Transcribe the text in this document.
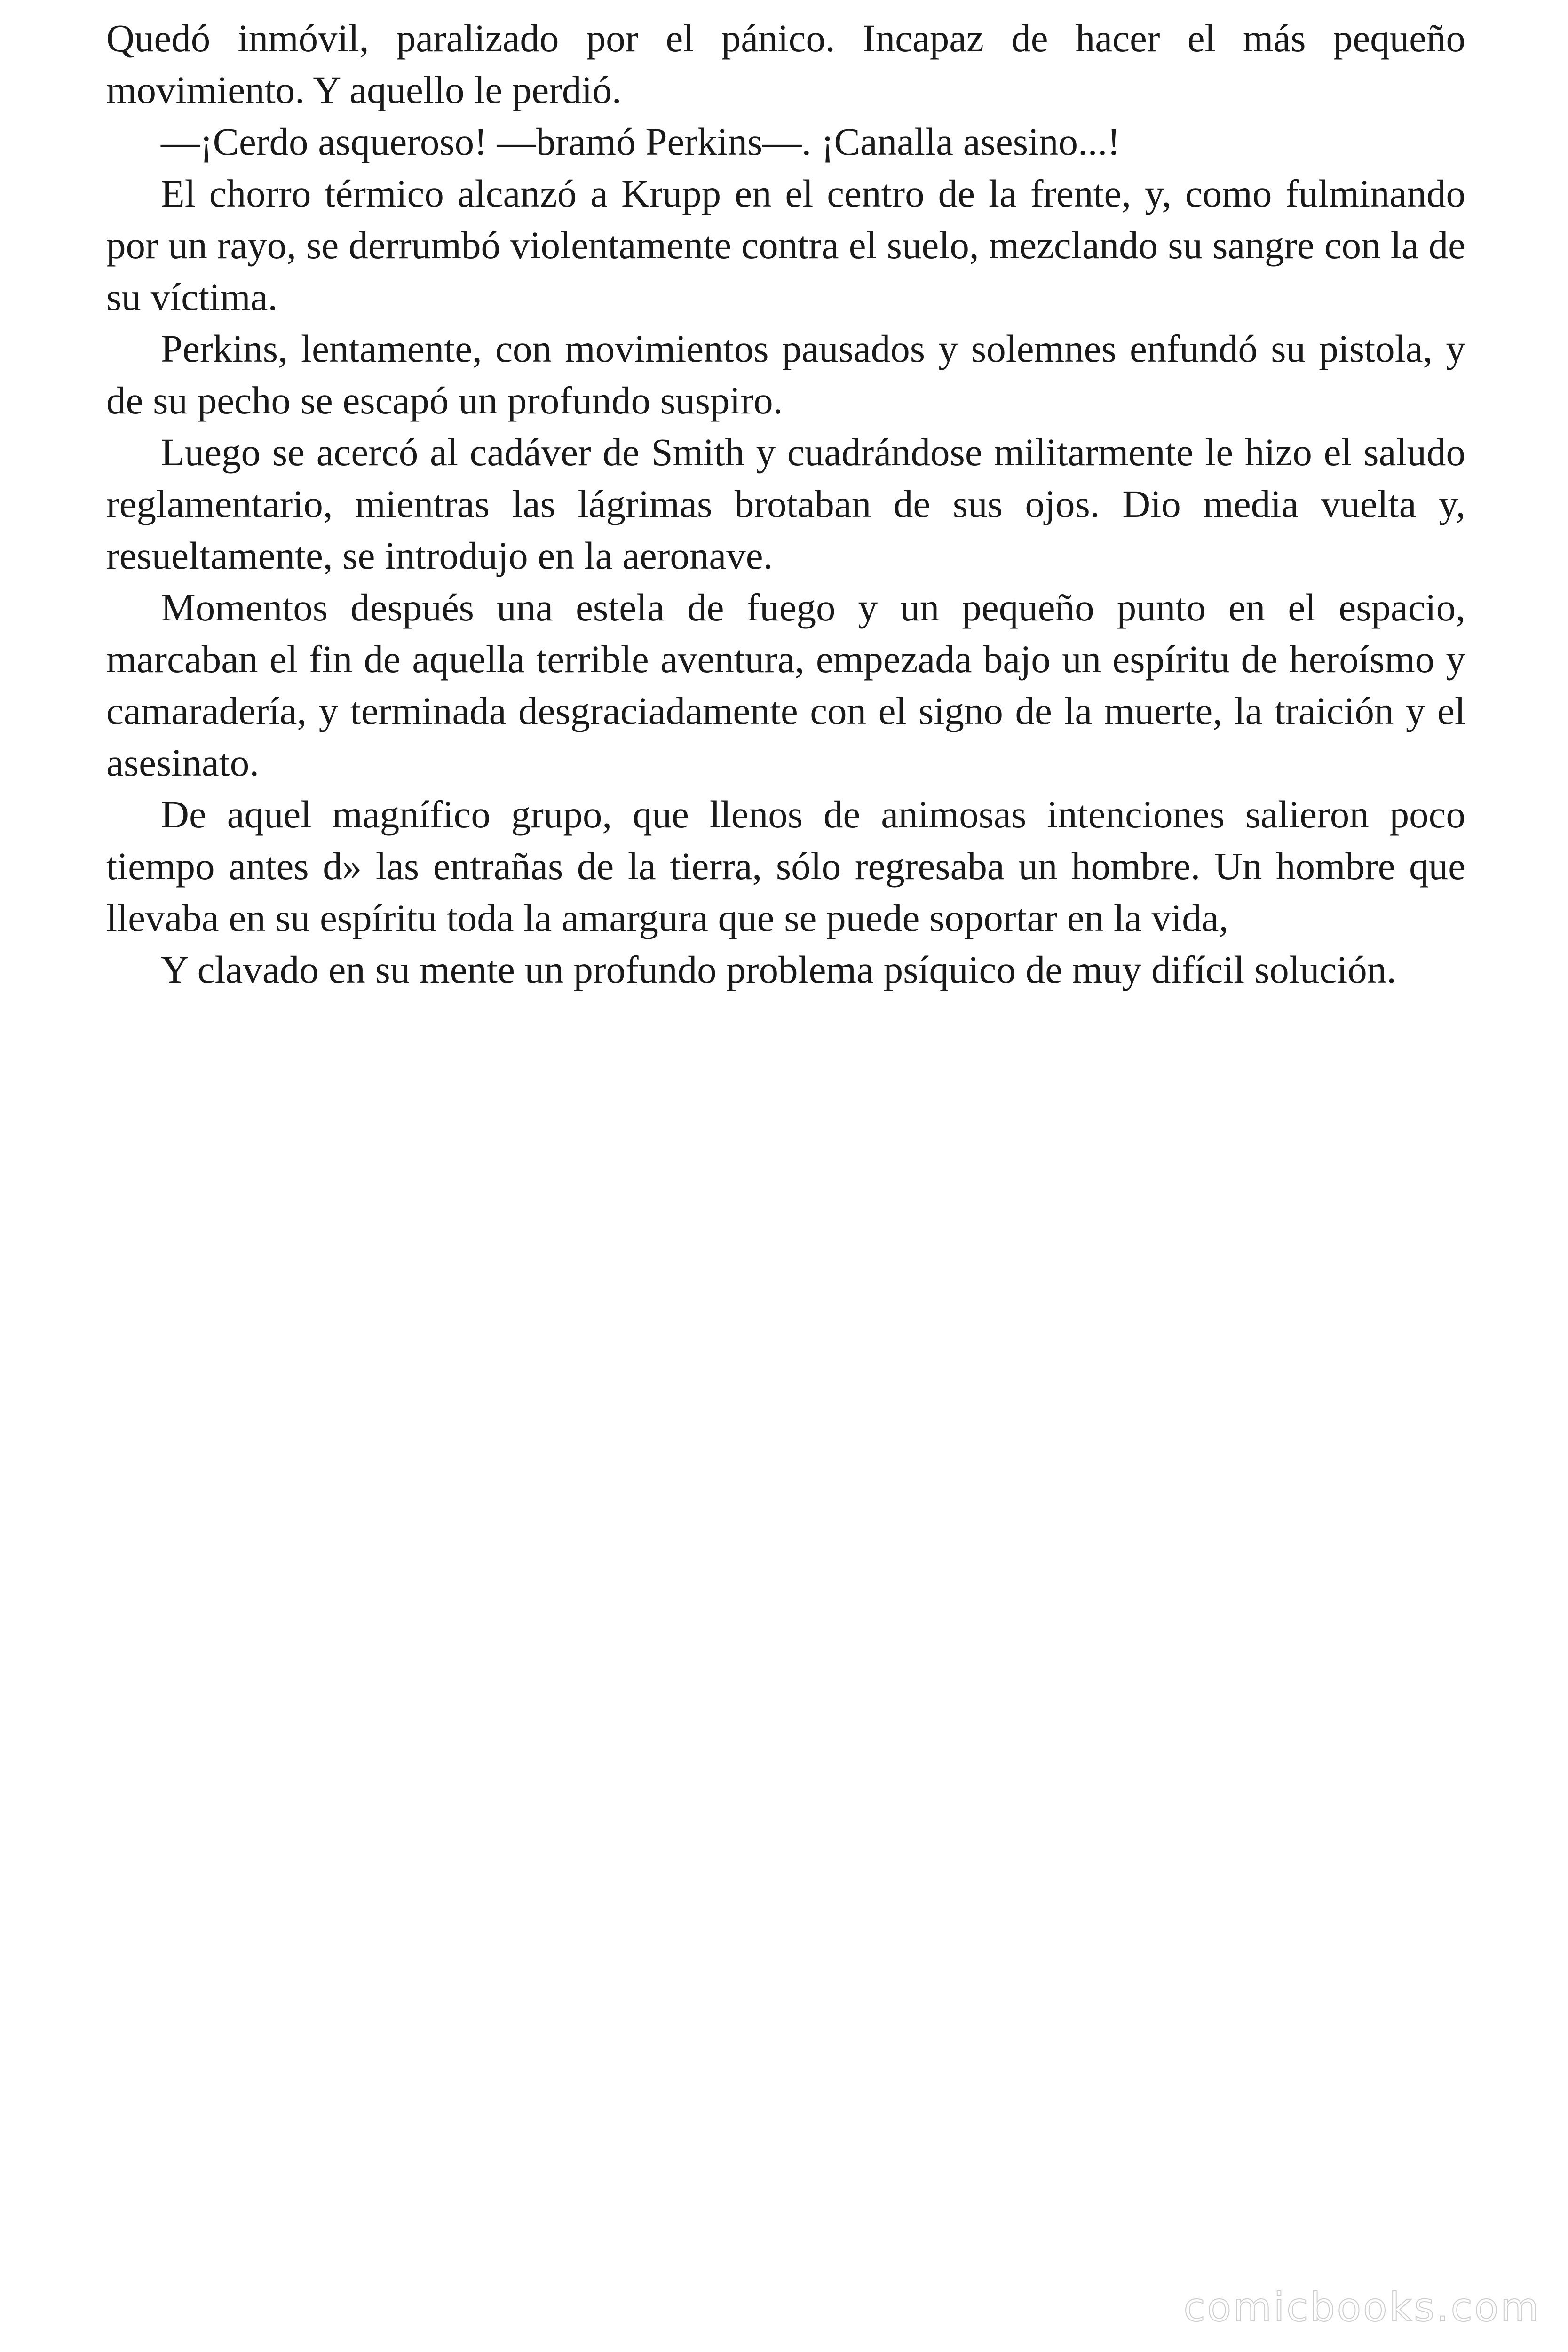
Quedó inmóvil, paralizado por el pánico. Incapaz de hacer el más pequeño movimiento. Y aquello le perdió.

—¡Cerdo asqueroso! —bramó Perkins—. ¡Canalla asesino...!

El chorro térmico alcanzó a Krupp en el centro de la frente, y, como fulminando por un rayo, se derrumbó violentamente contra el suelo, mezclando su sangre con la de su víctima.

Perkins, lentamente, con movimientos pausados y solemnes enfundó su pistola, y de su pecho se escapó un profundo suspiro.

Luego se acercó al cadáver de Smith y cuadrándose militarmente le hizo el saludo reglamentario, mientras las lágrimas brotaban de sus ojos. Dio media vuelta y, resueltamente, se introdujo en la aeronave.

Momentos después una estela de fuego y un pequeño punto en el espacio, marcaban el fin de aquella terrible aventura, empezada bajo un espíritu de heroísmo y camaradería, y terminada desgraciadamente con el signo de la muerte, la traición y el asesinato.

De aquel magnífico grupo, que llenos de animosas intenciones salieron poco tiempo antes d» las entrañas de la tierra, sólo regresaba un hombre. Un hombre que llevaba en su espíritu toda la amargura que se puede soportar en la vida,

Y clavado en su mente un profundo problema psíquico de muy difícil solución.

comicbooks.com
